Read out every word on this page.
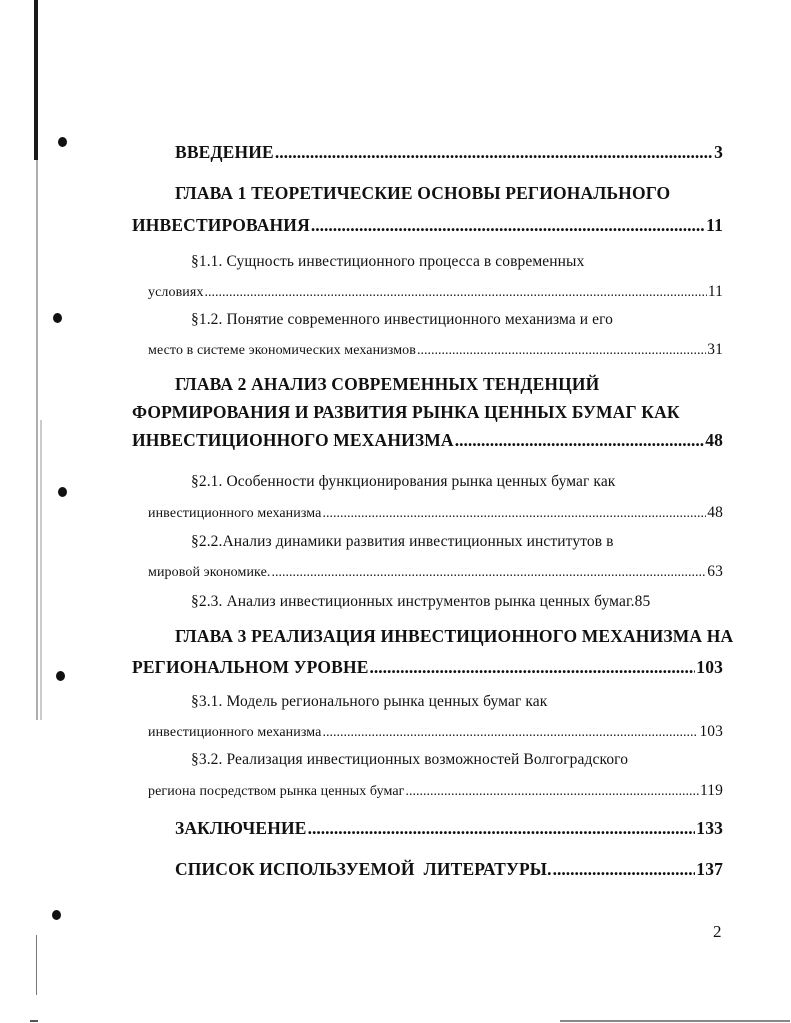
ВВЕДЕНИЕ .....	3
ГЛАВА 1 ТЕОРЕТИЧЕСКИЕ ОСНОВЫ РЕГИОНАЛЬНОГО
ИНВЕСТИРОВАНИЯ .....	11
§1.1. Сущность инвестиционного процесса в современных
условиях .....	11
§1.2. Понятие современного инвестиционного механизма и его
место в системе экономических механизмов .....	31
ГЛАВА 2 АНАЛИЗ СОВРЕМЕННЫХ ТЕНДЕНЦИЙ
ФОРМИРОВАНИЯ И РАЗВИТИЯ РЫНКА ЦЕННЫХ БУМАГ КАК
ИНВЕСТИЦИОННОГО МЕХАНИЗМА .....	48
§2.1. Особенности функционирования рынка ценных бумаг как
инвестиционного механизма .....	48
§2.2.Анализ динамики развития инвестиционных институтов в
мировой экономике. .....	63
§2.3. Анализ инвестиционных инструментов рынка ценных бумаг. 85
ГЛАВА 3 РЕАЛИЗАЦИЯ ИНВЕСТИЦИОННОГО МЕХАНИЗМА НА
РЕГИОНАЛЬНОМ УРОВНЕ .....	103
§3.1. Модель регионального рынка ценных бумаг как
инвестиционного механизма .....	103
§3.2. Реализация инвестиционных возможностей Волгоградского
региона посредством рынка ценных бумаг .....	119
ЗАКЛЮЧЕНИЕ .....	133
СПИСОК ИСПОЛЬЗУЕМОЙ  ЛИТЕРАТУРЫ. .....	137
2
